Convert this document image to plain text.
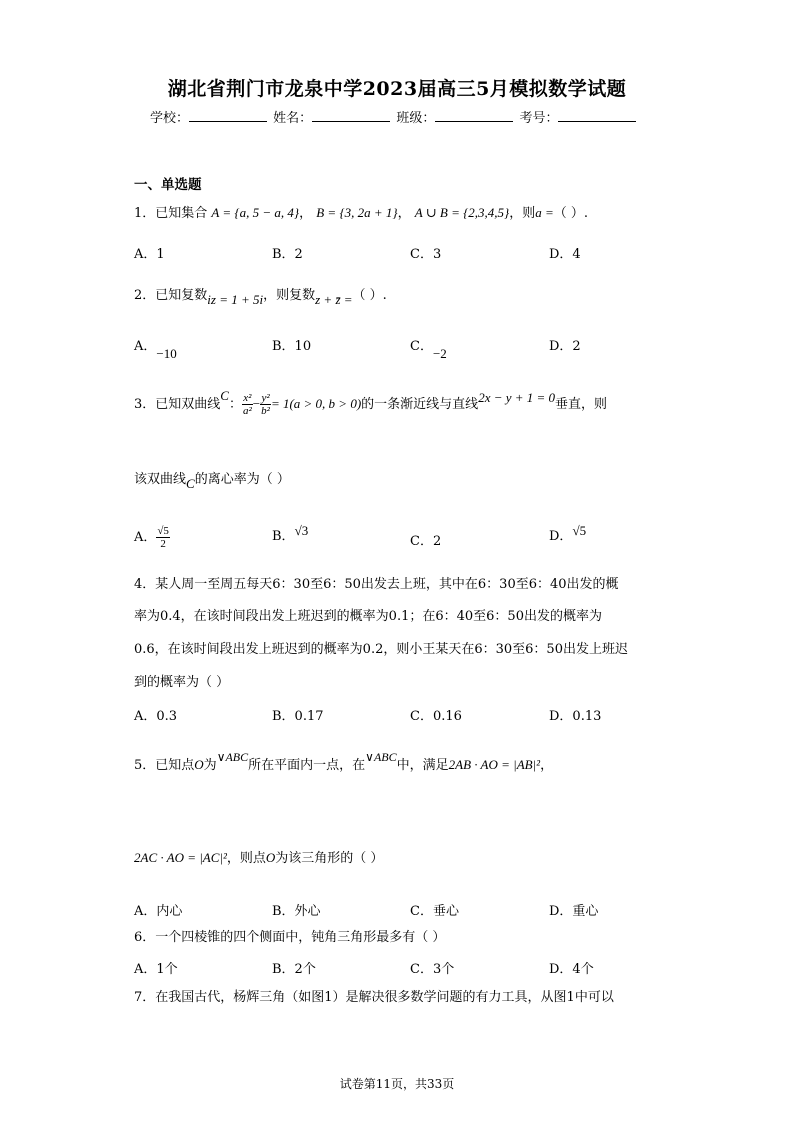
湖北省荆门市龙泉中学2023届高三5月模拟数学试题
学校：	姓名：	班级：	考号：
一、单选题
1．已知集合 A = {a, 5 − a, 4}， B = {3, 2a + 1}， A ∪ B = {2,3,4,5}，则a =（ ）.
A．1	B．2	C．3	D．4
2．已知复数iz = 1 + 5i，则复数z + z̄ =（ ）.
A．−10	B．10	C．−2	D．2
3．已知双曲线C： $\frac{\text{x²}}{\text{a²}} - \frac{\text{y²}}{\text{b²}} = 1(a > 0$, b > 0)的一条渐近线与直线2x − y + 1 = 0垂直，则
该双曲线C的离心率为（ ）
A． $\frac{√5}{2}$	B．√3
C．2	D．√5
4．某人周一至周五每天6：30至6：50出发去上班，其中在6：30至6：40出发的概
率为0.4，在该时间段出发上班迟到的概率为0.1；在6：40至6：50出发的概率为
0.6，在该时间段出发上班迟到的概率为0.2，则小王某天在6：30至6：50出发上班迟
到的概率为（ ）
A．0.3	B．0.17	C．0.16	D．0.13
5．已知点O为∨ABC所在平面内一点，在∨ABC中，满足2AB · AO = |AB|²，
2AC · AO = |AC|²，则点O为该三角形的（ ）
A．内心	B．外心	C．垂心	D．重心
6．一个四棱锥的四个侧面中，钝角三角形最多有（ ）
A．1个	B．2个	C．3个	D．4个
7．在我国古代，杨辉三角（如图1）是解决很多数学问题的有力工具，从图1中可以
试卷第11页，共33页
